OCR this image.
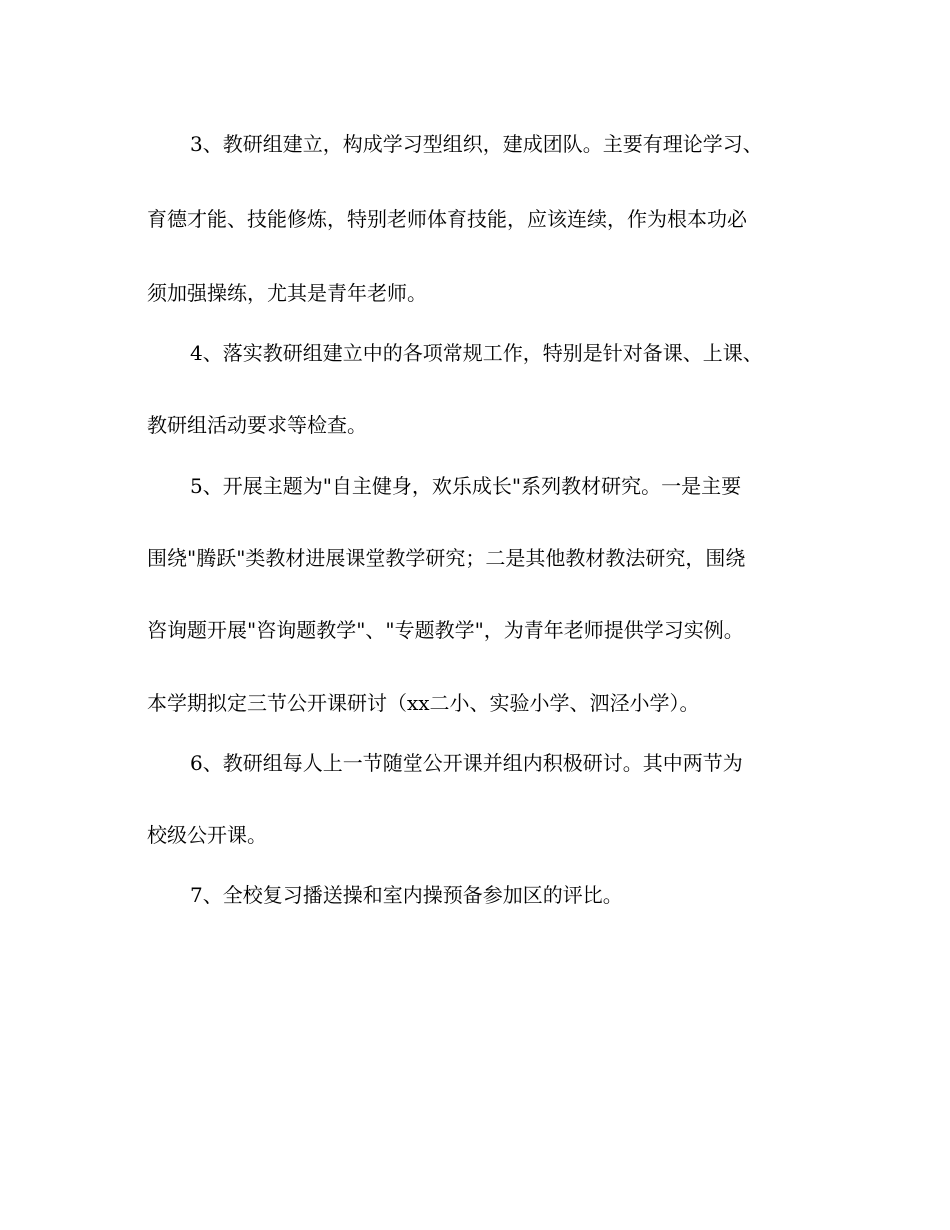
3、教研组建立，构成学习型组织，建成团队。主要有理论学习、
育德才能、技能修炼，特别老师体育技能，应该连续，作为根本功必
须加强操练，尤其是青年老师。
4、落实教研组建立中的各项常规工作，特别是针对备课、上课、
教研组活动要求等检查。
5、开展主题为"自主健身，欢乐成长"系列教材研究。一是主要
围绕"腾跃"类教材进展课堂教学研究；二是其他教材教法研究，围绕
咨询题开展"咨询题教学"、"专题教学"，为青年老师提供学习实例。
本学期拟定三节公开课研讨（xx二小、实验小学、泗泾小学）。
6、教研组每人上一节随堂公开课并组内积极研讨。其中两节为
校级公开课。
7、全校复习播送操和室内操预备参加区的评比。
